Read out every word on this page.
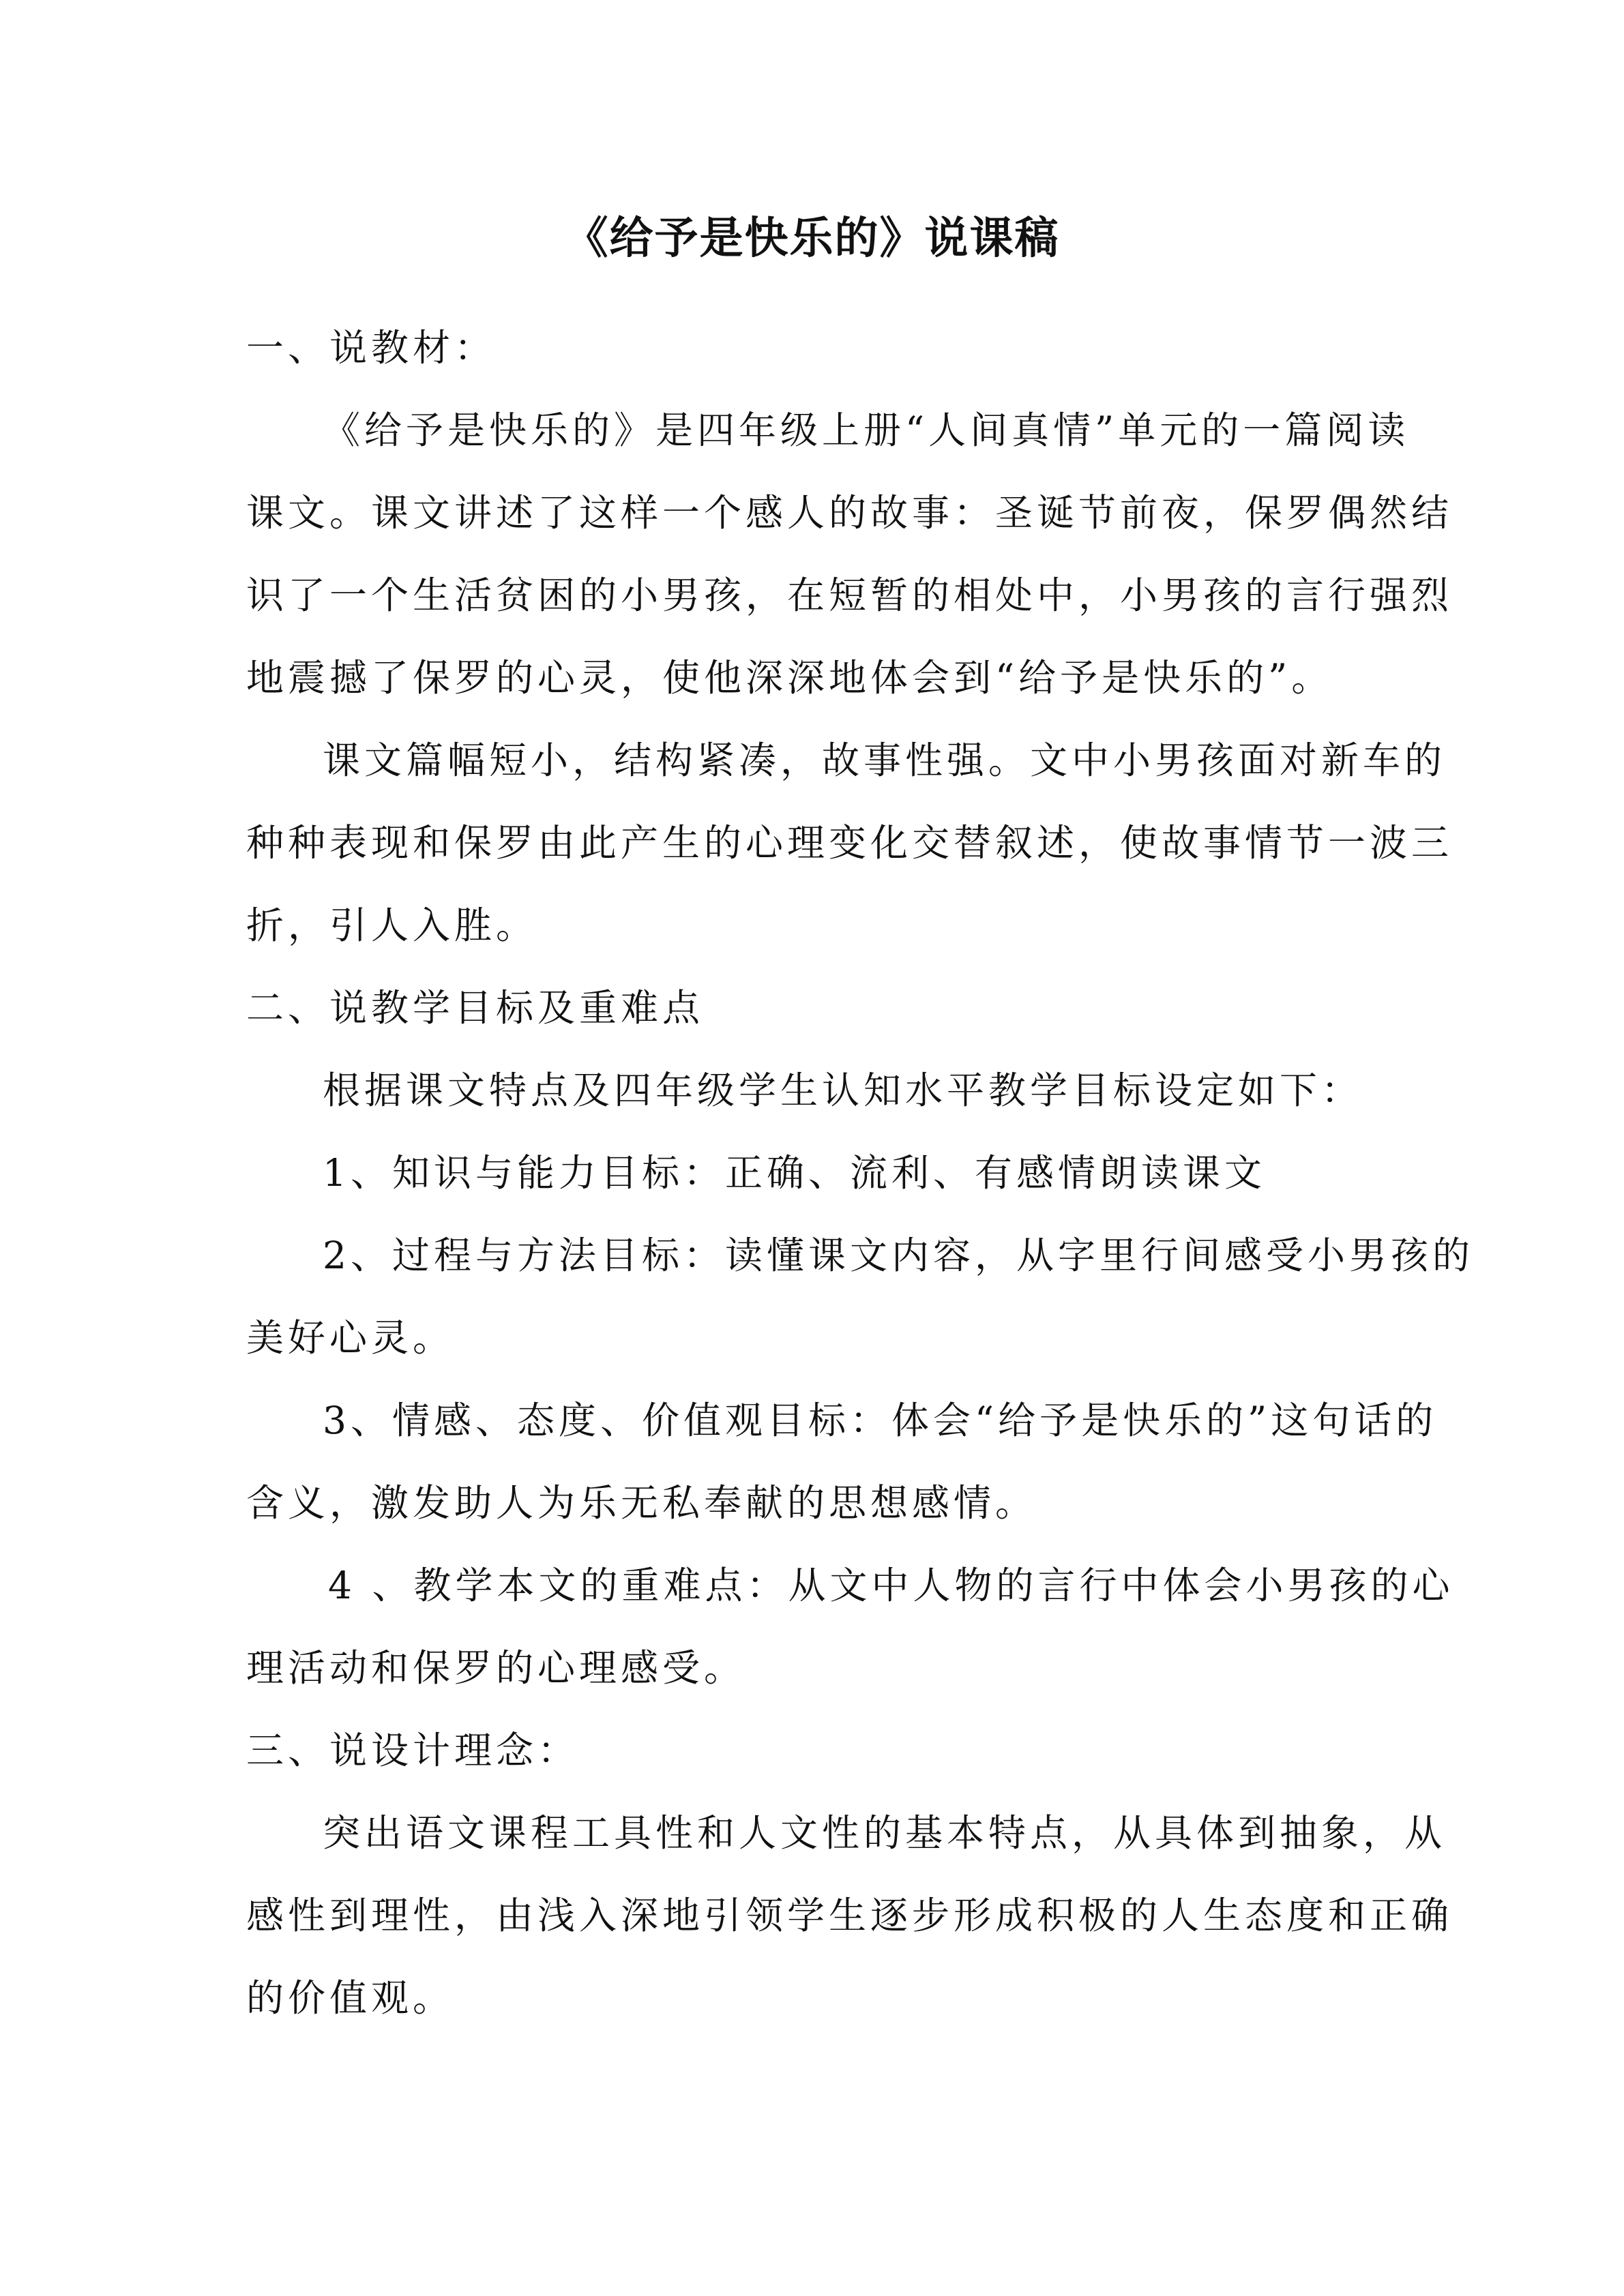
《给予是快乐的》说课稿
一、说教材：
《给予是快乐的》是四年级上册“人间真情”单元的一篇阅读
课文。课文讲述了这样一个感人的故事：圣诞节前夜，保罗偶然结
识了一个生活贫困的小男孩，在短暂的相处中，小男孩的言行强烈
地震撼了保罗的心灵，使他深深地体会到“给予是快乐的”。
课文篇幅短小，结构紧凑，故事性强。文中小男孩面对新车的
种种表现和保罗由此产生的心理变化交替叙述，使故事情节一波三
折，引人入胜。
二、说教学目标及重难点
根据课文特点及四年级学生认知水平教学目标设定如下：
1、知识与能力目标：正确、流利、有感情朗读课文
2、过程与方法目标：读懂课文内容，从字里行间感受小男孩的
美好心灵。
3、情感、态度、价值观目标：体会“给予是快乐的”这句话的
含义，激发助人为乐无私奉献的思想感情。
4 、教学本文的重难点：从文中人物的言行中体会小男孩的心
理活动和保罗的心理感受。
三、说设计理念：
突出语文课程工具性和人文性的基本特点，从具体到抽象，从
感性到理性，由浅入深地引领学生逐步形成积极的人生态度和正确
的价值观。
